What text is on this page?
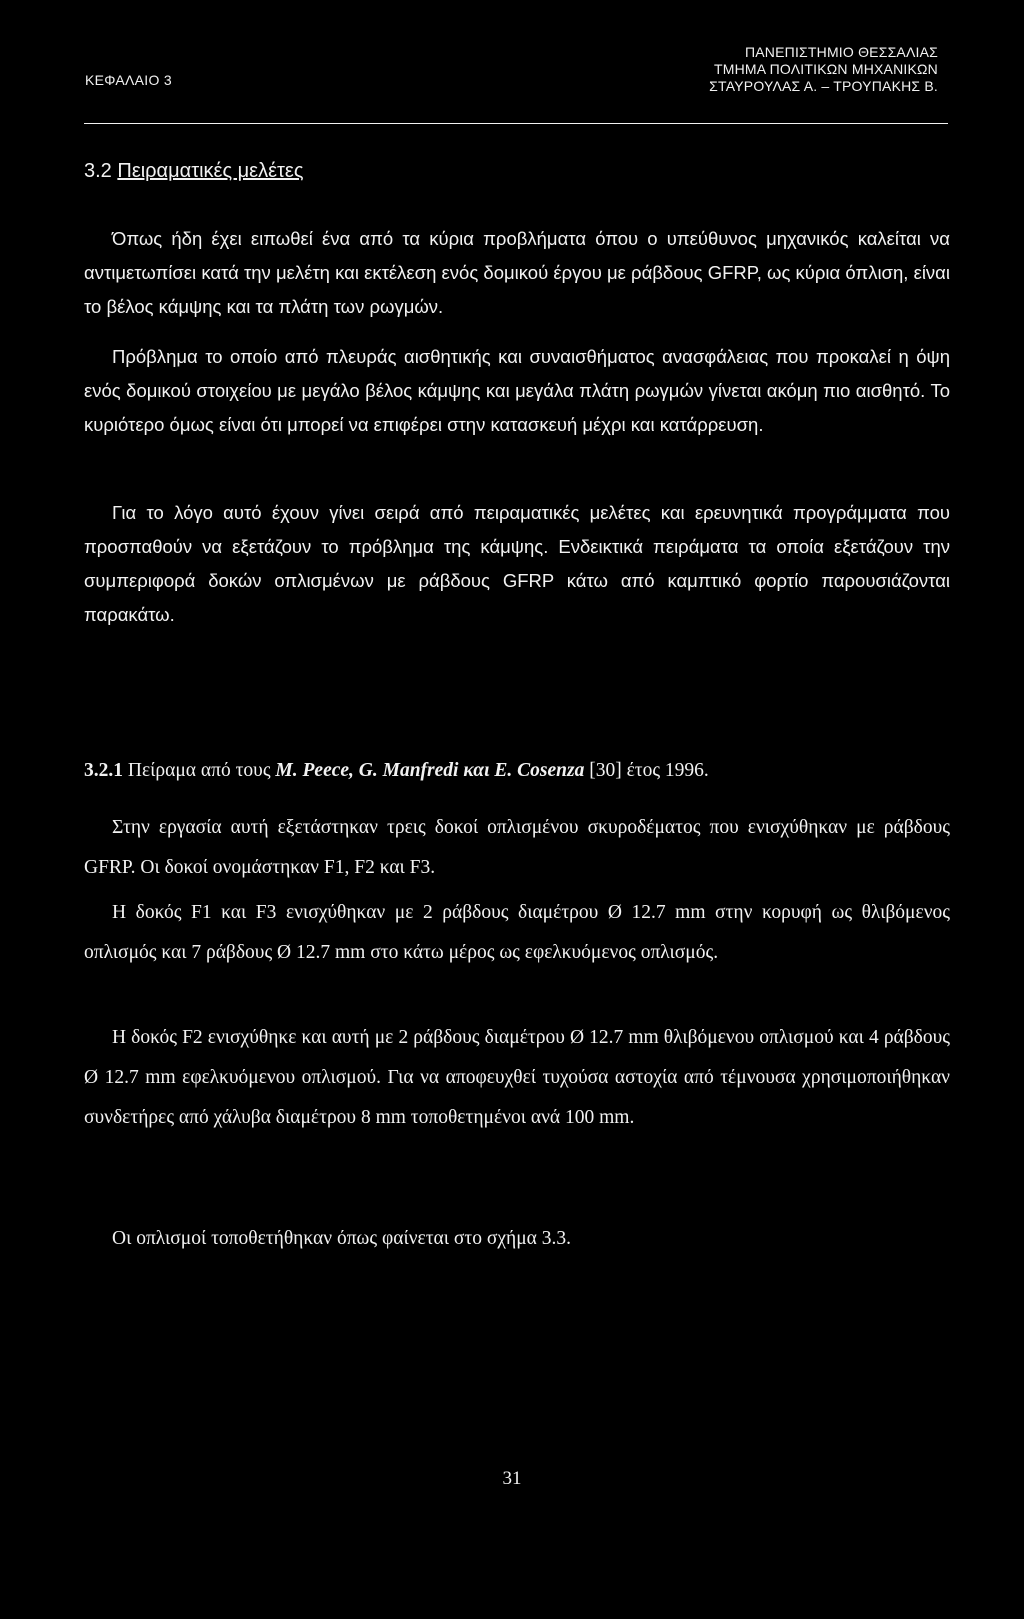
ΚΕΦΑΛΑΙΟ 3
ΠΑΝΕΠΙΣΤΗΜΙΟ ΘΕΣΣΑΛΙΑΣ
ΤΜΗΜΑ ΠΟΛΙΤΙΚΩΝ ΜΗΧΑΝΙΚΩΝ
ΣΤΑΥΡΟΥΛΑΣ Α. – ΤΡΟΥΠΑΚΗΣ Β.
3.2 Πειραματικές μελέτες

Όπως ήδη έχει ειπωθεί ένα από τα κύρια προβλήματα όπου ο υπεύθυνος μηχανικός καλείται να αντιμετωπίσει κατά την μελέτη και εκτέλεση ενός δομικού έργου με ράβδους GFRP, ως κύρια όπλιση, είναι το βέλος κάμψης και τα πλάτη των ρωγμών.

Πρόβλημα το οποίο από πλευράς αισθητικής και συναισθήματος ανασφάλειας που προκαλεί η όψη ενός δομικού στοιχείου με μεγάλο βέλος κάμψης και μεγάλα πλάτη ρωγμών γίνεται ακόμη πιο αισθητό. Το κυριότερο όμως είναι ότι μπορεί να επιφέρει στην κατασκευή μέχρι και κατάρρευση.

Για το λόγο αυτό έχουν γίνει σειρά από πειραματικές μελέτες και ερευνητικά προγράμματα που προσπαθούν να εξετάζουν το πρόβλημα της κάμψης. Ενδεικτικά πειράματα τα οποία εξετάζουν την συμπεριφορά δοκών οπλισμένων με ράβδους GFRP κάτω από καμπτικό φορτίο παρουσιάζονται παρακάτω.

3.2.1 Πείραμα από τους M. Peece, G. Manfredi και E. Cosenza [30] έτος 1996.

Στην εργασία αυτή εξετάστηκαν τρεις δοκοί οπλισμένου σκυροδέματος που ενισχύθηκαν με ράβδους GFRP. Οι δοκοί ονομάστηκαν F1, F2 και F3.

Η δοκός F1 και F3 ενισχύθηκαν με 2 ράβδους διαμέτρου Ø 12.7 mm στην κορυφή ως θλιβόμενος οπλισμός και 7 ράβδους Ø 12.7 mm στο κάτω μέρος ως εφελκυόμενος οπλισμός.

Η δοκός F2 ενισχύθηκε και αυτή με 2 ράβδους διαμέτρου Ø 12.7 mm θλιβόμενου οπλισμού και 4 ράβδους Ø 12.7 mm εφελκυόμενου οπλισμού. Για να αποφευχθεί τυχούσα αστοχία από τέμνουσα χρησιμοποιήθηκαν συνδετήρες από χάλυβα διαμέτρου 8 mm τοποθετημένοι ανά 100 mm.

Οι οπλισμοί τοποθετήθηκαν όπως φαίνεται στο σχήμα 3.3.

31
